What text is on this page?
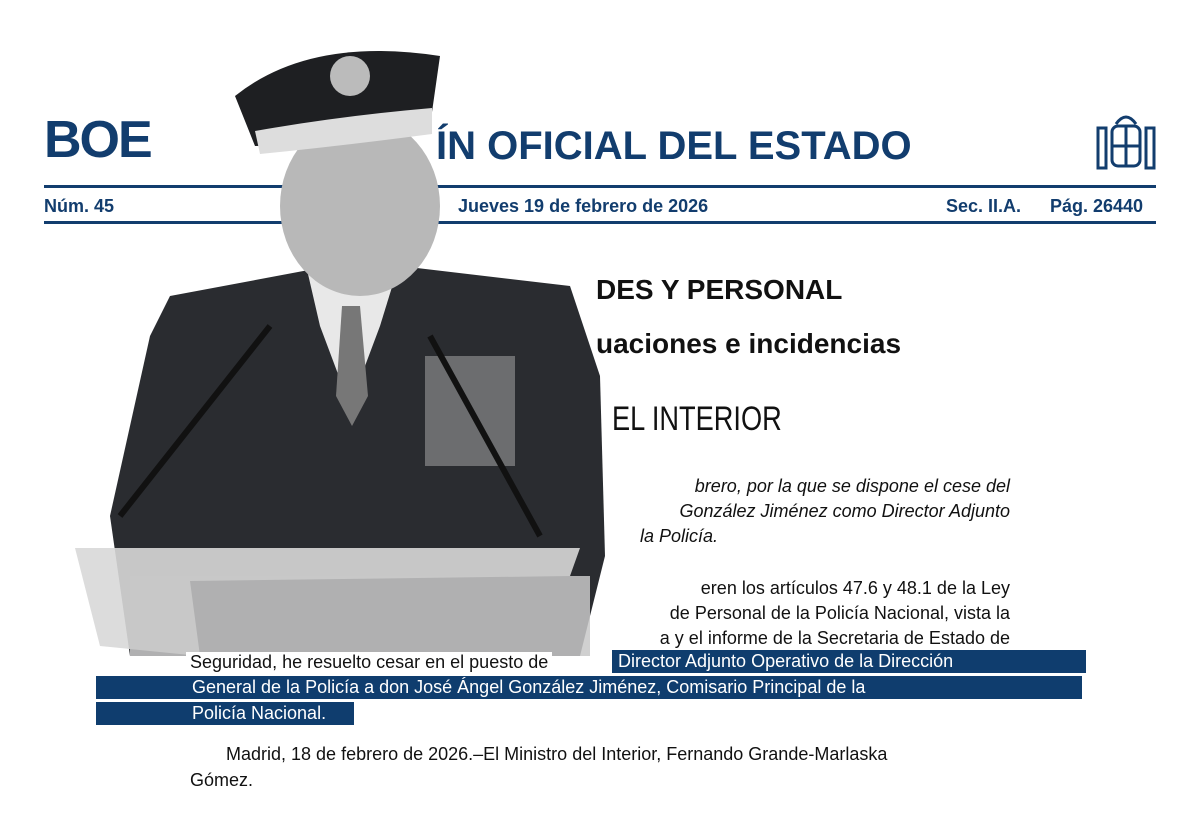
BOE	ÍN OFICIAL DEL ESTADO
Núm. 45	Jueves 19 de febrero de 2026	Sec. II.A. Pág. 26440
DES Y PERSONAL
uaciones e incidencias
EL INTERIOR
brero, por la que se dispone el cese del
González Jiménez como Director Adjunto
la Policía.
eren los artículos 47.6 y 48.1 de la Ley
de Personal de la Policía Nacional, vista la
a y el informe de la Secretaria de Estado de
Seguridad, he resuelto cesar en el puesto de	Director Adjunto Operativo de la Dirección
General de la Policía a don José Ángel González Jiménez, Comisario Principal de la
Policía Nacional.
Madrid, 18 de febrero de 2026.–El Ministro del Interior, Fernando Grande-Marlaska
Gómez.
